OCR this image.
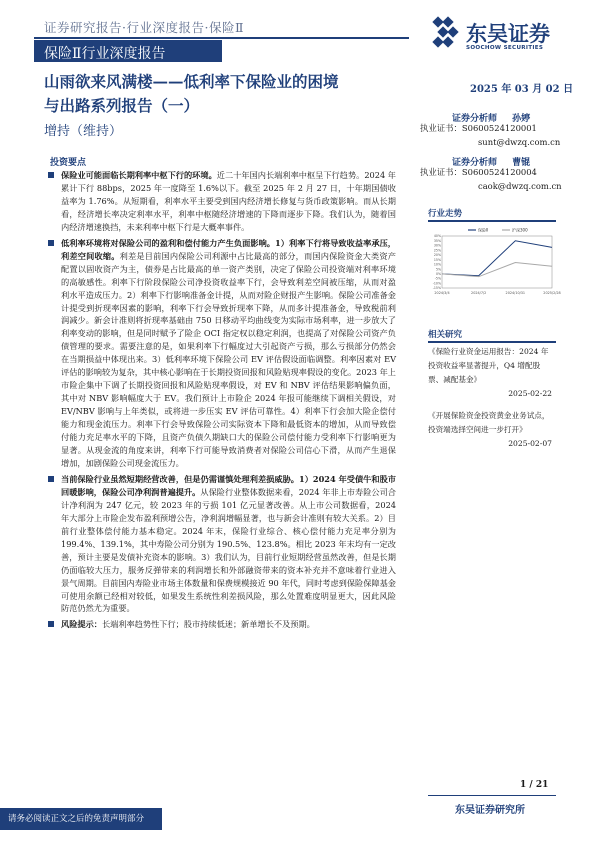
证券研究报告·行业深度报告·保险Ⅱ
保险Ⅱ行业深度报告
东吴证券
SOOCHOW SECURITIES
山雨欲来风满楼——低利率下保险业的困境
与出路系列报告（一）
增持（维持）
2025 年 03 月 02 日
证券分析师 孙婷
执业证书：S0600524120001
sunt@dwzq.com.cn
证券分析师 曹锟
执业证书：S0600524120004
caok@dwzq.com.cn
投资要点

保险业可能面临长期利率中枢下行的环境。近二十年国内长端利率中枢呈下行趋势。2024 年累计下行 88bps，2025 年一度降至 1.6%以下。截至 2025 年 2 月 27 日，十年期国债收益率为 1.76%。从短期看，利率水平主要受到国内经济增长修复与货币政策影响。而从长期看，经济增长率决定利率水平，利率中枢随经济增速的下降而逐步下降。我们认为，随着国内经济增速换挡，未来利率中枢下行是大概率事件。

低利率环境将对保险公司的盈利和偿付能力产生负面影响。1）利率下行将导致收益率承压，利差空间收缩。利差是目前国内保险公司利源中占比最高的部分，而国内保险资金大类资产配置以固收资产为主，债券是占比最高的单一资产类别，决定了保险公司投资端对利率环境的高敏感性。利率下行阶段保险公司净投资收益率下行，会导致利差空间被压缩，从而对盈利水平造成压力。2）利率下行影响准备金计提，从而对险企财报产生影响。保险公司准备金计提受到折现率因素的影响，利率下行会导致折现率下降，从而多计提准备金，导致税前利润减少。新会计准则将折现率基础由 750 日移动平均曲线变为实际市场利率，进一步放大了利率变动的影响，但是同时赋予了险企 OCI 指定权以稳定利润，也提高了对保险公司资产负债管理的要求。需要注意的是，如果利率下行幅度过大引起资产亏损，那么亏损部分仍然会在当期损益中体现出来。3）低利率环境下保险公司 EV 评估假设面临调整。利率因素对 EV 评估的影响较为复杂，其中核心影响在于长期投资回报和风险贴现率假设的变化。2023 年上市险企集中下调了长期投资回报和风险贴现率假设，对 EV 和 NBV 评估结果影响偏负面，其中对 NBV 影响幅度大于 EV。我们预计上市险企 2024 年报可能继续下调相关假设，对 EV/NBV 影响与上年类似，或将进一步压实 EV 评估可靠性。4）利率下行会加大险企偿付能力和现金流压力。利率下行会导致保险公司实际资本下降和最低资本的增加，从而导致偿付能力充足率水平的下降，且资产负债久期缺口大的保险公司偿付能力受利率下行影响更为显著。从现金流的角度来讲，利率下行可能导致消费者对保险公司信心下滑，从而产生退保增加，加剧保险公司现金流压力。

当前保险行业虽然短期经营改善，但是仍需谨慎处理利差损威胁。1）2024 年受债牛和股市回暖影响，保险公司净利润普遍提升。从保险行业整体数据来看，2024 年非上市寿险公司合计净利润为 247 亿元，较 2023 年的亏损 101 亿元显著改善。从上市公司数据看，2024 年大部分上市险企发布盈利预增公告，净利润增幅显著，也与新会计准则有较大关系。2）目前行业整体偿付能力基本稳定。2024 年末，保险行业综合、核心偿付能力充足率分别为 199.4%、139.1%，其中寿险公司分别为 190.5%、123.8%。相比 2023 年末均有一定改善，预计主要是发债补充资本的影响。3）我们认为，目前行业短期经营虽然改善，但是长期仍面临较大压力，服务反弹带来的利润增长和外部融资带来的资本补充并不意味着行业进入景气周期。目前国内寿险业市场主体数量和保费规模接近 90 年代，同时考虑到保险保障基金可使用余额已经相对较低，如果发生系统性利差损风险，那么处置难度明显更大，因此风险防范仍然尤为重要。

风险提示：长端利率趋势性下行；股市持续低迷；新单增长不及预期。

行业走势
40%
35%
30%
25%
20%
15%
10%
5%
0%
-5%
-10%
-15%
2024/3/4	2024/7/2	2024/10/31	2025/2/28
保险Ⅱ	沪深300
相关研究
《保险行业资金运用报告：2024 年投资收益率显著提升，Q4 增配股票、减配基金》
2025-02-22
《开展保险资金投资黄金业务试点，投资端选择空间进一步打开》
2025-02-07
1 / 21
东吴证券研究所
请务必阅读正文之后的免责声明部分
